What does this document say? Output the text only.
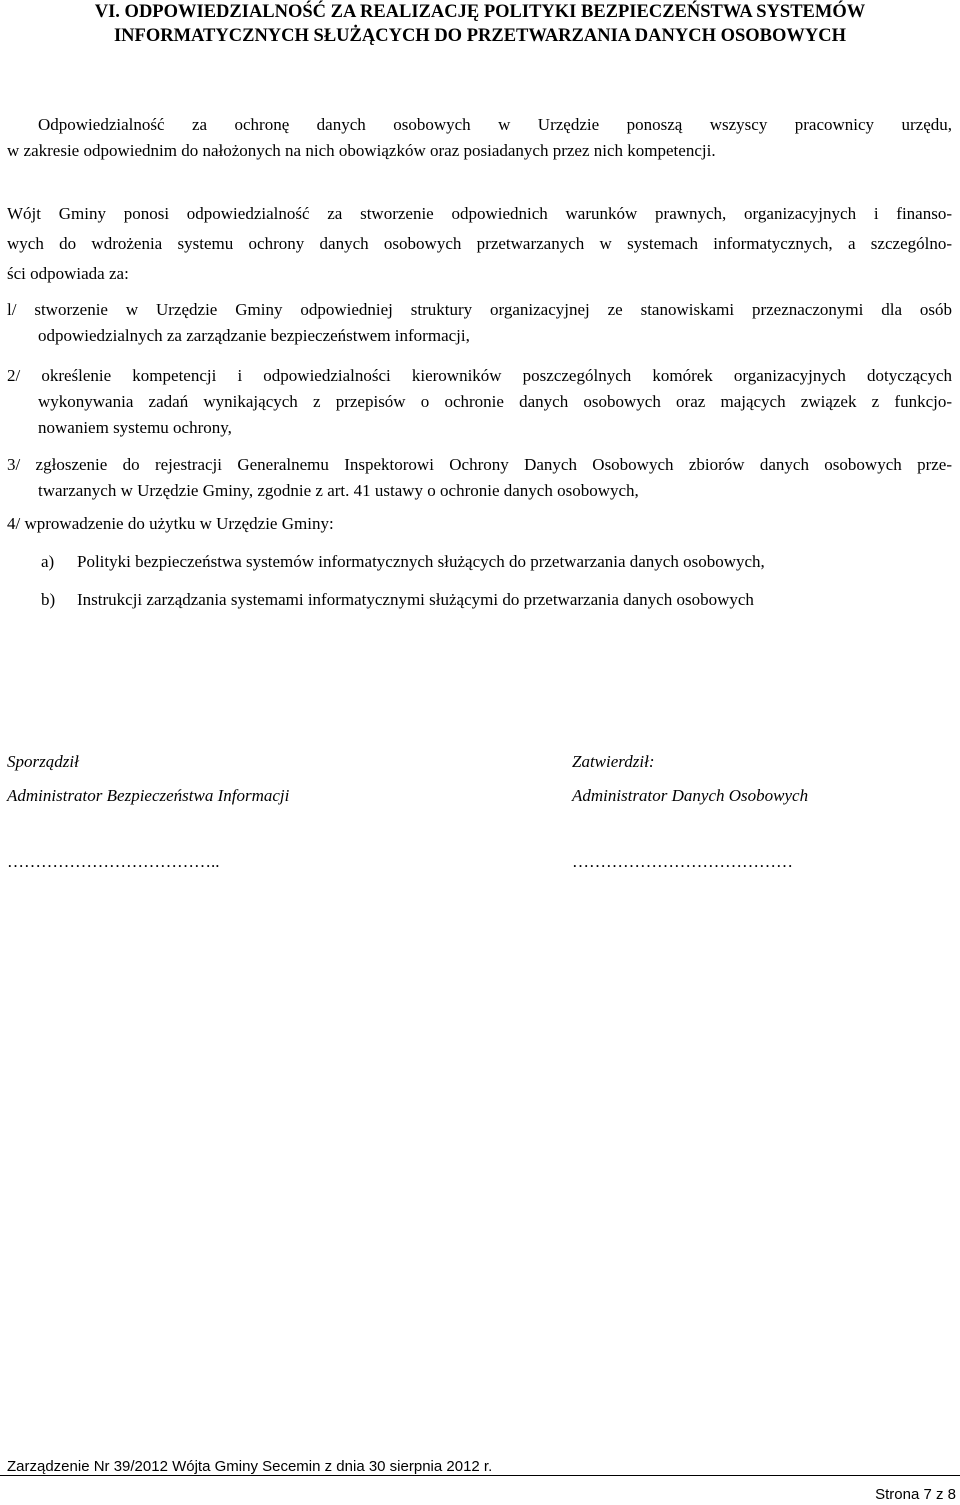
VI. ODPOWIEDZIALNOŚĆ ZA REALIZACJĘ POLITYKI BEZPIECZEŃSTWA SYSTEMÓW
INFORMATYCZNYCH SŁUŻĄCYCH DO PRZETWARZANIA DANYCH OSOBOWYCH
Odpowiedzialność za ochronę danych osobowych w Urzędzie ponoszą wszyscy pracownicy urzędu,
w zakresie odpowiednim do nałożonych na nich obowiązków oraz posiadanych przez nich kompetencji.
Wójt Gminy ponosi odpowiedzialność za stworzenie odpowiednich warunków prawnych, organizacyjnych i finanso-
wych do wdrożenia systemu ochrony danych osobowych przetwarzanych w systemach informatycznych, a szczególno-
ści odpowiada za:
l/ stworzenie w Urzędzie Gminy odpowiedniej struktury organizacyjnej ze stanowiskami przeznaczonymi dla osób
odpowiedzialnych za zarządzanie bezpieczeństwem informacji,
2/ określenie kompetencji i odpowiedzialności kierowników poszczególnych komórek organizacyjnych dotyczących
wykonywania zadań wynikających z przepisów o ochronie danych osobowych oraz mających związek z funkcjo-
nowaniem systemu ochrony,
3/ zgłoszenie do rejestracji Generalnemu Inspektorowi Ochrony Danych Osobowych zbiorów danych osobowych prze-
twarzanych w Urzędzie Gminy, zgodnie z art. 41 ustawy o ochronie danych osobowych,
4/ wprowadzenie do użytku w Urzędzie Gminy:
a) Polityki bezpieczeństwa systemów informatycznych służących do przetwarzania danych osobowych,
b) Instrukcji zarządzania systemami informatycznymi służącymi do przetwarzania danych osobowych
Sporządził
Administrator Bezpieczeństwa Informacji
………………………………..
Zatwierdził:
Administrator Danych Osobowych
…………………………………
Zarządzenie Nr 39/2012 Wójta Gminy Secemin z dnia 30 sierpnia 2012 r.
Strona 7 z 8
